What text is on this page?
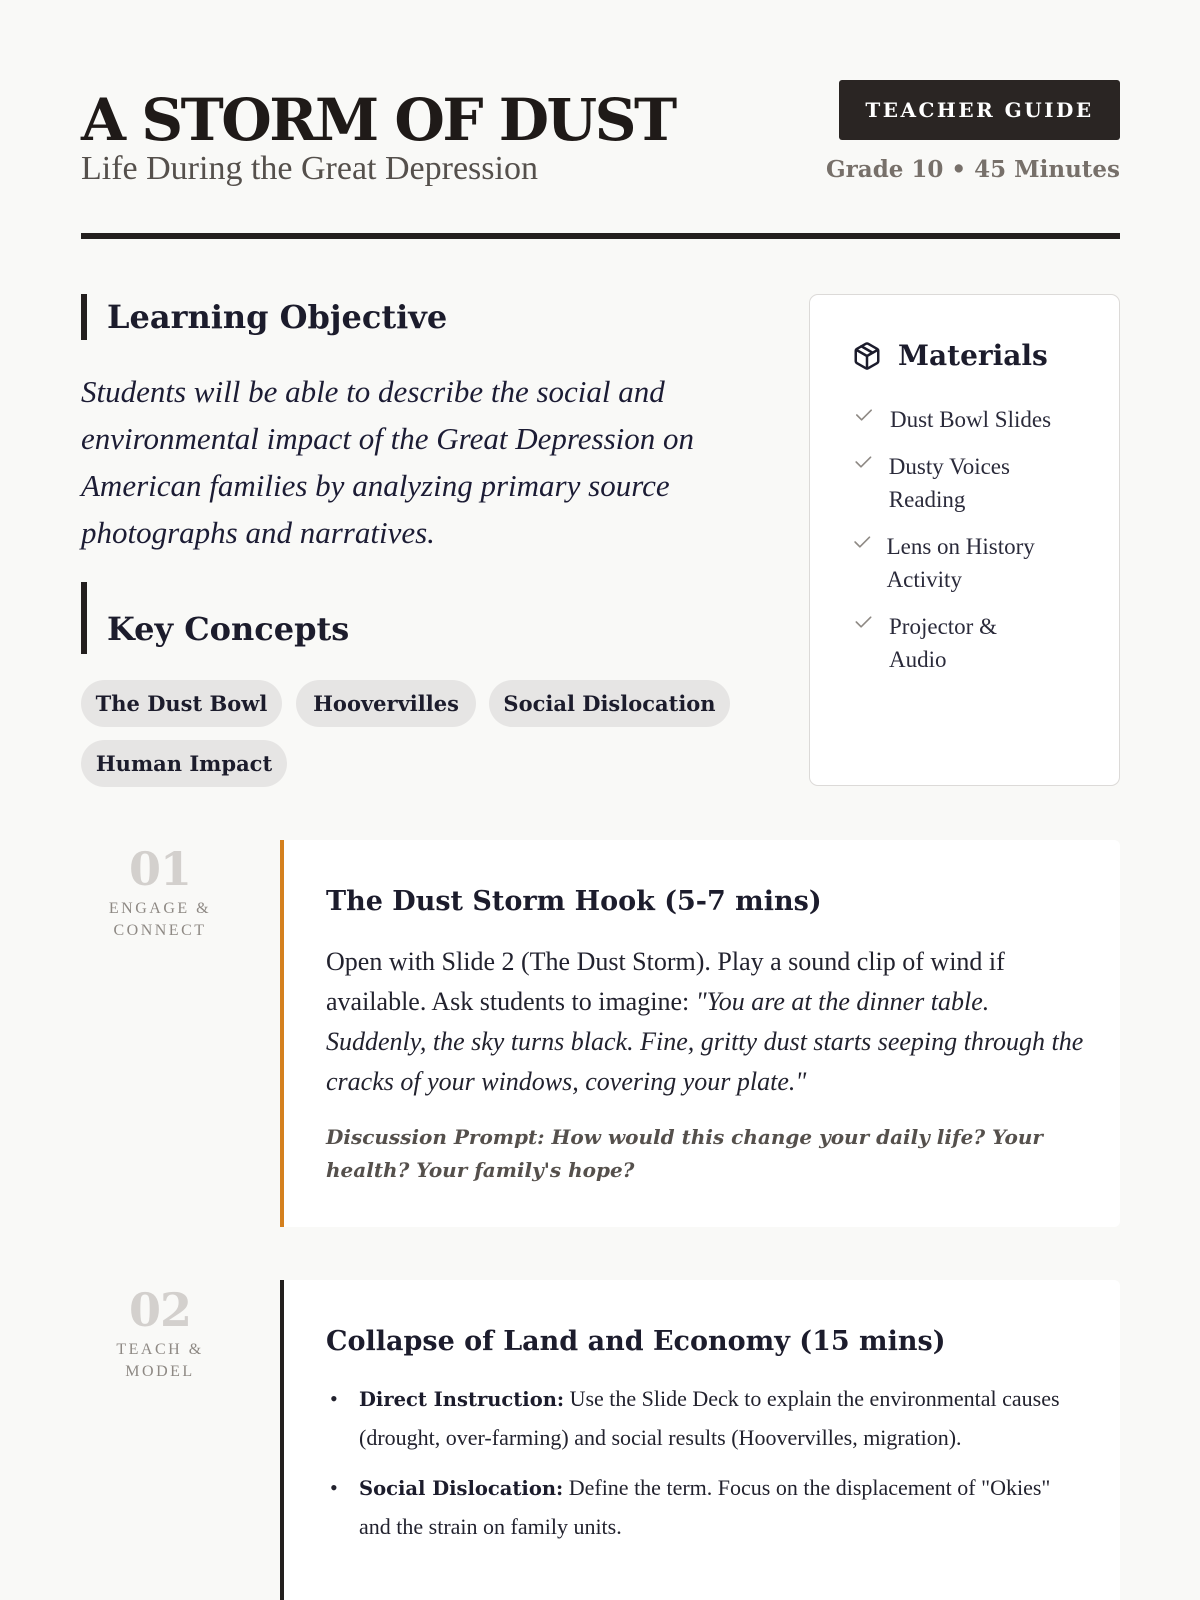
A STORM OF DUST
Life During the Great Depression
TEACHER GUIDE
Grade 10 • 45 Minutes
Learning Objective
Students will be able to describe the social and environmental impact of the Great Depression on American families by analyzing primary source photographs and narratives.
Key Concepts
The Dust Bowl	Hoovervilles	Social Dislocation
Human Impact
Materials
Dust Bowl Slides
Dusty Voices Reading
Lens on History Activity
Projector & Audio
01
ENGAGE & CONNECT
The Dust Storm Hook (5-7 mins)
Open with Slide 2 (The Dust Storm). Play a sound clip of wind if available. Ask students to imagine: "You are at the dinner table. Suddenly, the sky turns black. Fine, gritty dust starts seeping through the cracks of your windows, covering your plate."
Discussion Prompt: How would this change your daily life? Your health? Your family's hope?
02
TEACH & MODEL
Collapse of Land and Economy (15 mins)
• Direct Instruction: Use the Slide Deck to explain the environmental causes (drought, over-farming) and social results (Hoovervilles, migration).
• Social Dislocation: Define the term. Focus on the displacement of "Okies" and the strain on family units.
